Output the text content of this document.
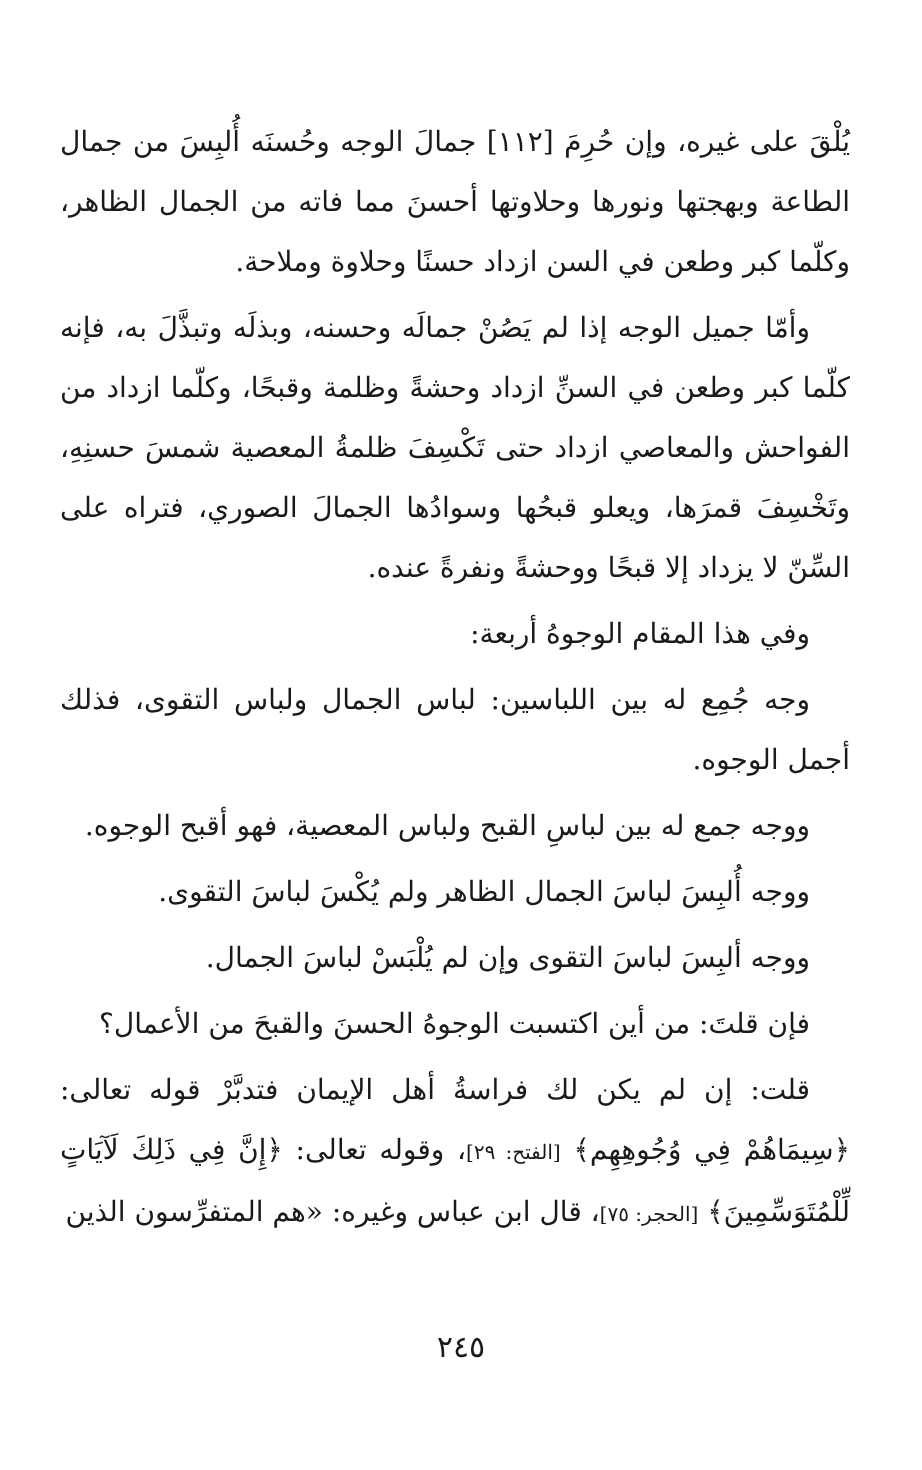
يُلْقَ على غيره، وإن حُرِمَ [١١٢] جمالَ الوجه وحُسنَه أُلبِسَ من جمال الطاعة وبهجتها ونورها وحلاوتها أحسنَ مما فاته من الجمال الظاهر، وكلّما كبر وطعن في السن ازداد حسنًا وحلاوة وملاحة.

وأمّا جميل الوجه إذا لم يَصُنْ جمالَه وحسنه، وبذلَه وتبذَّلَ به، فإنه كلّما كبر وطعن في السنِّ ازداد وحشةً وظلمة وقبحًا، وكلّما ازداد من الفواحش والمعاصي ازداد حتى تَكْسِفَ ظلمةُ المعصية شمسَ حسنِهِ، وتَخْسِفَ قمرَها، ويعلو قبحُها وسوادُها الجمالَ الصوري، فتراه على السِّنّ لا يزداد إلا قبحًا ووحشةً ونفرةً عنده.

وفي هذا المقام الوجوهُ أربعة:

وجه جُمِع له بين اللباسين: لباس الجمال ولباس التقوى، فذلك أجمل الوجوه.

ووجه جمع له بين لباسِ القبح ولباس المعصية، فهو أقبح الوجوه.

ووجه أُلبِسَ لباسَ الجمال الظاهر ولم يُكْسَ لباسَ التقوى.

ووجه ألبِسَ لباسَ التقوى وإن لم يُلْبَسْ لباسَ الجمال.

فإن قلتَ: من أين اكتسبت الوجوهُ الحسنَ والقبحَ من الأعمال؟

قلت: إن لم يكن لك فراسةُ أهل الإيمان فتدبَّرْ قوله تعالى: ﴿سِيمَاهُمْ فِي وُجُوهِهِم﴾ [الفتح: ٢٩]، وقوله تعالى: ﴿إِنَّ فِي ذَلِكَ لَآيَاتٍ لِّلْمُتَوَسِّمِينَ﴾ [الحجر: ٧٥]، قال ابن عباس وغيره: «هم المتفرِّسون الذين

٢٤٥
